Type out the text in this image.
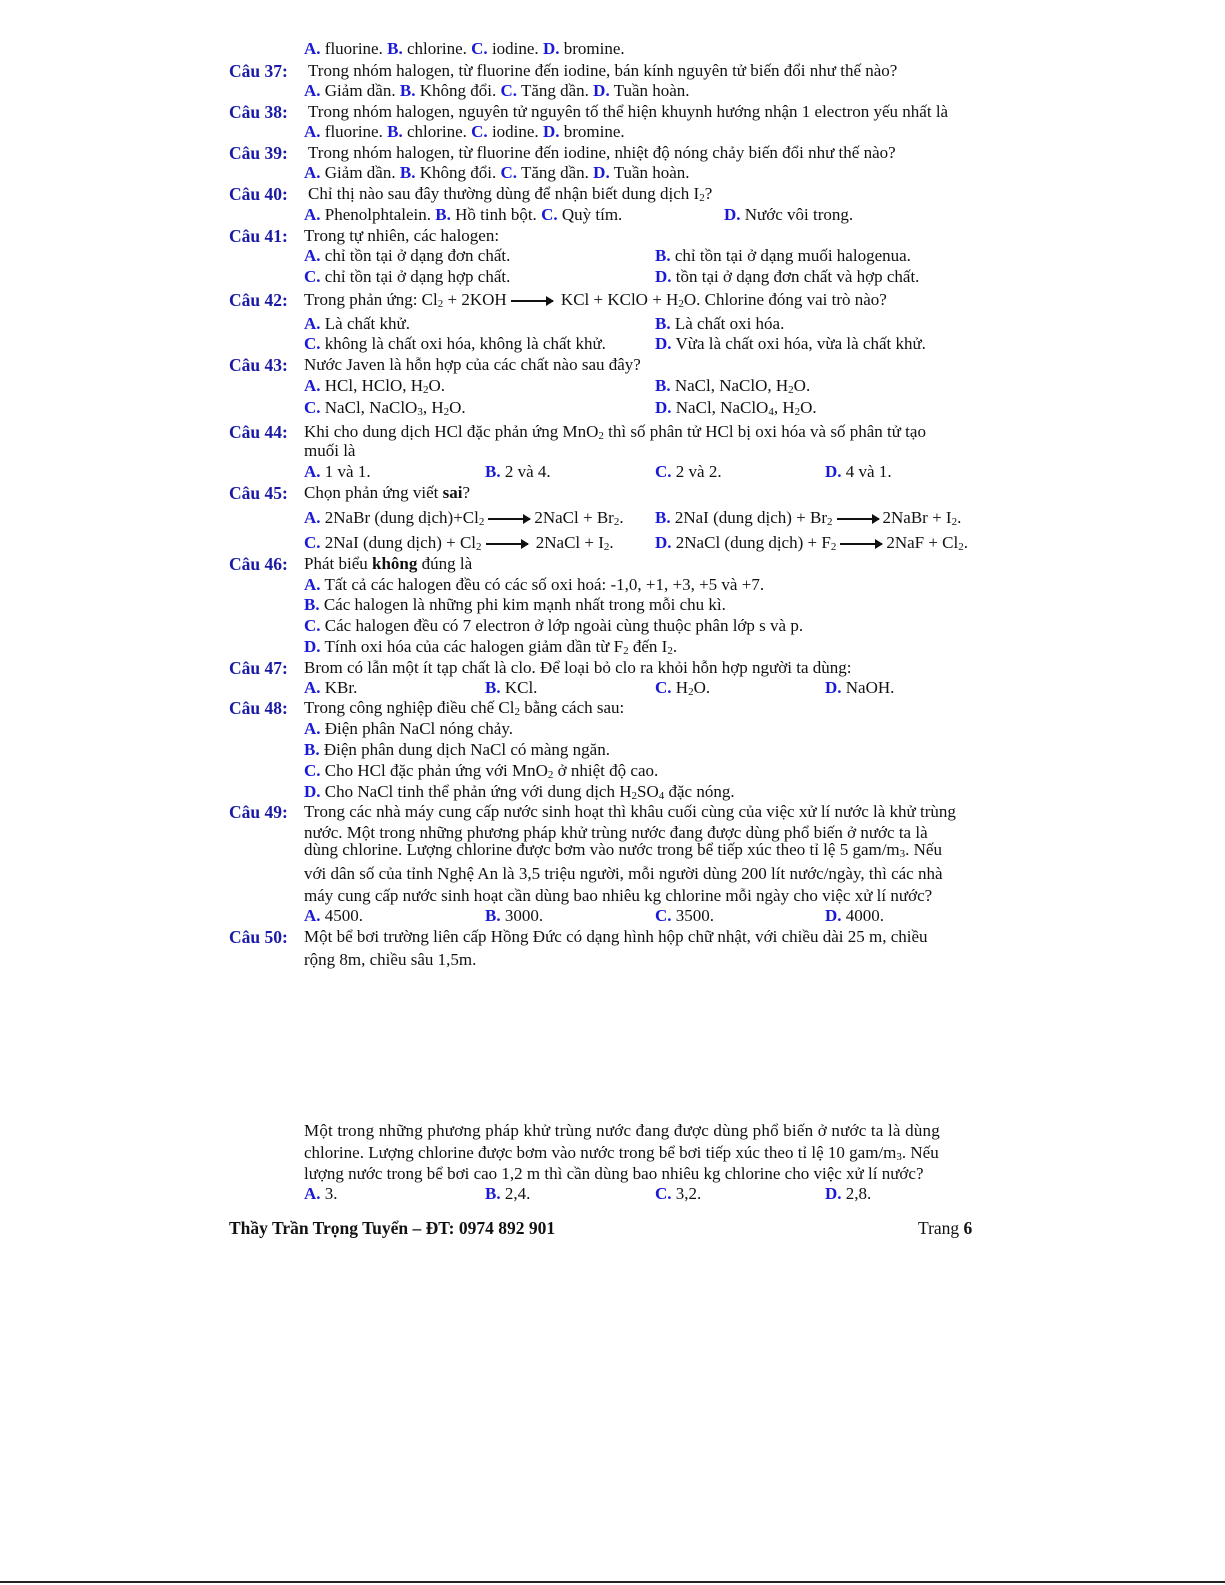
A. fluorine. B. chlorine. C. iodine. D. bromine.
Câu 37: Trong nhóm halogen, từ fluorine đến iodine, bán kính nguyên tử biến đổi như thế nào?
A. Giảm dần. B. Không đổi. C. Tăng dần. D. Tuần hoàn.
Câu 38: Trong nhóm halogen, nguyên tử nguyên tố thể hiện khuynh hướng nhận 1 electron yếu nhất là
A. fluorine. B. chlorine. C. iodine. D. bromine.
Câu 39: Trong nhóm halogen, từ fluorine đến iodine, nhiệt độ nóng chảy biến đổi như thế nào?
A. Giảm dần. B. Không đổi. C. Tăng dần. D. Tuần hoàn.
Câu 40: Chỉ thị nào sau đây thường dùng để nhận biết dung dịch $I_2$?
A. Phenolphtalein. B. Hồ tinh bột. C. Quỳ tím.	D. Nước vôi trong.
Câu 41: Trong tự nhiên, các halogen:
A. chỉ tồn tại ở dạng đơn chất.	B. chỉ tồn tại ở dạng muối halogenua.
C. chỉ tồn tại ở dạng hợp chất.	D. tồn tại ở dạng đơn chất và hợp chất.
Câu 42: Trong phản ứng: $Cl_2 + 2KOH$ → KCl + KClO + $H_2O$. Chlorine đóng vai trò nào?
A. Là chất khử.	B. Là chất oxi hóa.
C. không là chất oxi hóa, không là chất khử.	D. Vừa là chất oxi hóa, vừa là chất khử.
Câu 43: Nước Javen là hỗn hợp của các chất nào sau đây?
A. HCl, HClO, $H_2O$.	B. NaCl, NaClO, $H_2O$.
C. NaCl, NaClO$_3$, $H_2O$.	D. NaCl, NaClO$_4$, $H_2O$.
Câu 44: Khi cho dung dịch HCl đặc phản ứng MnO$_2$ thì số phân tử HCl bị oxi hóa và số phân tử tạo
muối là
A. 1 và 1.	B. 2 và 4.	C. 2 và 2.	D. 4 và 1.
Câu 45: Chọn phản ứng viết sai?
A. 2NaBr (dung $dịch)+Cl_2$ → 2NaCl + $Br_2$. B. 2NaI (dung dịch) + $Br_2$ → 2NaBr + $I_2$.
C. 2NaI (dung dịch) + $Cl_2$ → 2NaCl + $I_2$. D. 2NaCl (dung dịch) + $F_2 \to 2NaF + Cl_2$.
Câu 46: Phát biểu không đúng là
A. Tất cả các halogen đều có các số oxi hoá: -1,0, +1, +3, +5 và +7.
B. Các halogen là những phi kim mạnh nhất trong mỗi chu kì.
C. Các halogen đều có 7 electron ở lớp ngoài cùng thuộc phân lớp s và p.
D. Tính oxi hóa của các halogen giảm dần từ $F_2$ đến $I_2$.
Câu 47: Brom có lẫn một ít tạp chất là clo. Để loại bỏ clo ra khỏi hỗn hợp người ta dùng:
A. KBr.	B. KCl.	C. $H_2O$.	D. NaOH.
Câu 48: Trong công nghiệp điều chế $Cl_2$ bằng cách sau:
A. Điện phân NaCl nóng chảy.
B. Điện phân dung dịch NaCl có màng ngăn.
C. Cho HCl đặc phản ứng với MnO$_2$ ở nhiệt độ cao.
D. Cho NaCl tinh thể phản ứng với dung dịch $H_2SO_4$ đặc nóng.
Câu 49: Trong các nhà máy cung cấp nước sinh hoạt thì khâu cuối cùng của việc xử lí nước là khử trùng
nước. Một trong những phương pháp khử trùng nước đang được dùng phổ biến ở nước ta là
dùng chlorine. Lượng chlorine được bơm vào nước trong bể tiếp xúc theo tỉ lệ 5 gam/$m_3$. Nếu
với dân số của tỉnh Nghệ An là 3,5 triệu người, mỗi người dùng 200 lít nước/ngày, thì các nhà
máy cung cấp nước sinh hoạt cần dùng bao nhiêu kg chlorine mỗi ngày cho việc xử lí nước?
A. 4500.	B. 3000.	C. 3500.	D. 4000.
Câu 50: Một bể bơi trường liên cấp Hồng Đức có dạng hình hộp chữ nhật, với chiều dài 25 m, chiều
rộng 8m, chiều sâu 1,5m.
Một trong những phương pháp khử trùng nước đang được dùng phổ biến ở nước ta là dùng
chlorine. Lượng chlorine được bơm vào nước trong bể bơi tiếp xúc theo tỉ lệ 10 gam/$m_3$. Nếu
lượng nước trong bể bơi cao 1,2 m thì cần dùng bao nhiêu kg chlorine cho việc xử lí nước?
A. 3.	B. 2,4.	C. 3,2.	D. 2,8.
Thầy Trần Trọng Tuyển – ĐT: 0974 892 901	Trang 6
